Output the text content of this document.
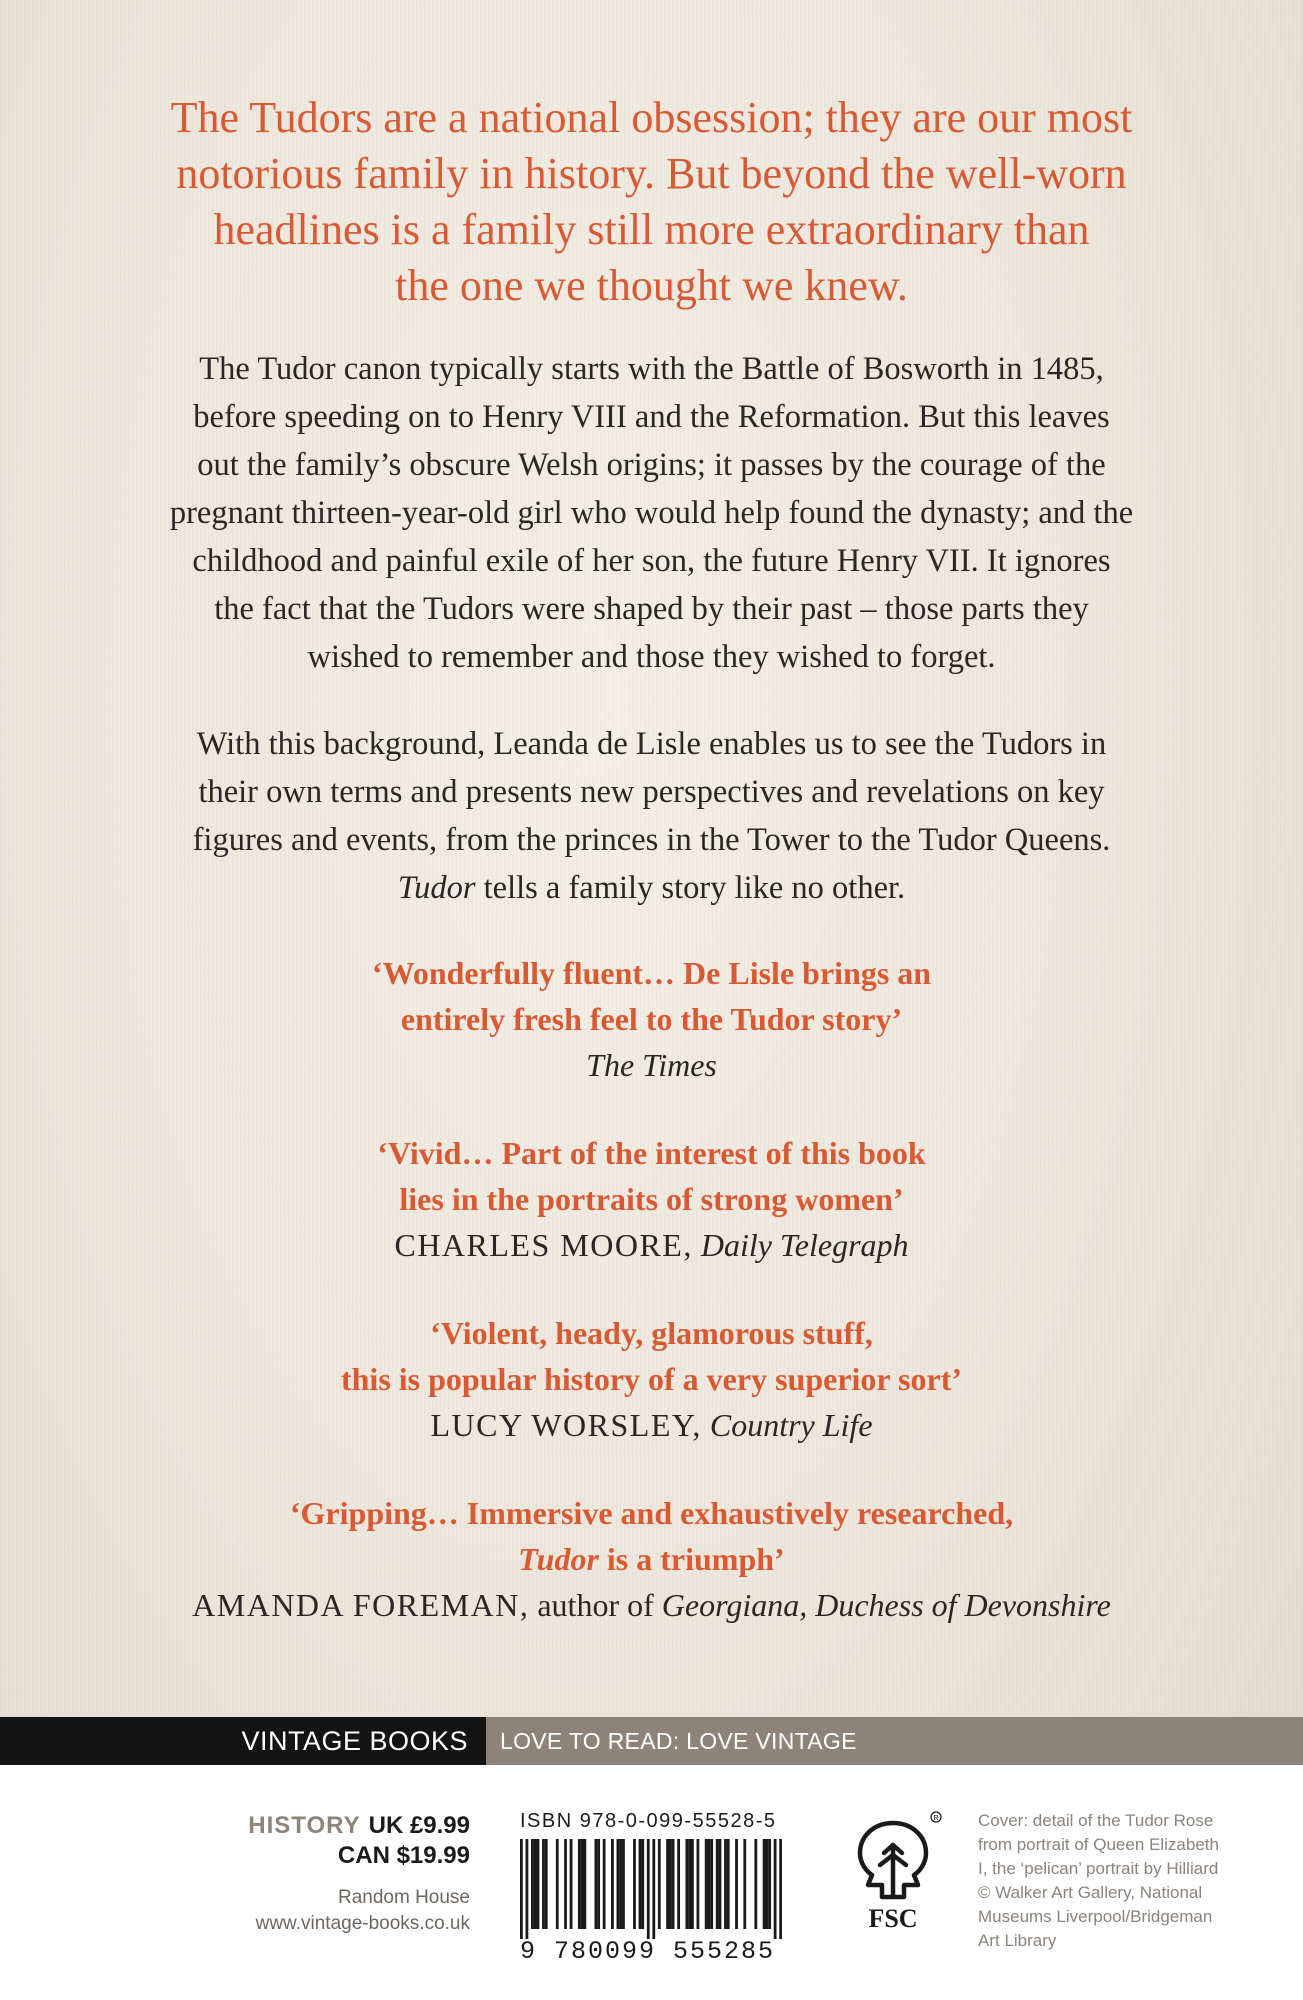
The Tudors are a national obsession; they are our most
notorious family in history. But beyond the well-worn
headlines is a family still more extraordinary than
the one we thought we knew.
The Tudor canon typically starts with the Battle of Bosworth in 1485,
before speeding on to Henry VIII and the Reformation. But this leaves
out the family’s obscure Welsh origins; it passes by the courage of the
pregnant thirteen-year-old girl who would help found the dynasty; and the
childhood and painful exile of her son, the future Henry VII. It ignores
the fact that the Tudors were shaped by their past – those parts they
wished to remember and those they wished to forget.
With this background, Leanda de Lisle enables us to see the Tudors in
their own terms and presents new perspectives and revelations on key
figures and events, from the princes in the Tower to the Tudor Queens.
Tudor tells a family story like no other.
‘Wonderfully fluent… De Lisle brings an
entirely fresh feel to the Tudor story’
The Times
‘Vivid… Part of the interest of this book
lies in the portraits of strong women’
CHARLES MOORE, Daily Telegraph
‘Violent, heady, glamorous stuff,
this is popular history of a very superior sort’
LUCY WORSLEY, Country Life
‘Gripping… Immersive and exhaustively researched,
Tudor is a triumph’
AMANDA FOREMAN, author of Georgiana, Duchess of Devonshire
VINTAGE BOOKS	LOVE TO READ: LOVE VINTAGE
HISTORY UK £9.99
CAN $19.99
Random House
www.vintage-books.co.uk
ISBN 978-0-099-55528-5
9 780099 555285
R
FSC
Cover: detail of the Tudor Rose
from portrait of Queen Elizabeth
I, the ‘pelican’ portrait by Hilliard
© Walker Art Gallery, National
Museums Liverpool/Bridgeman
Art Library
